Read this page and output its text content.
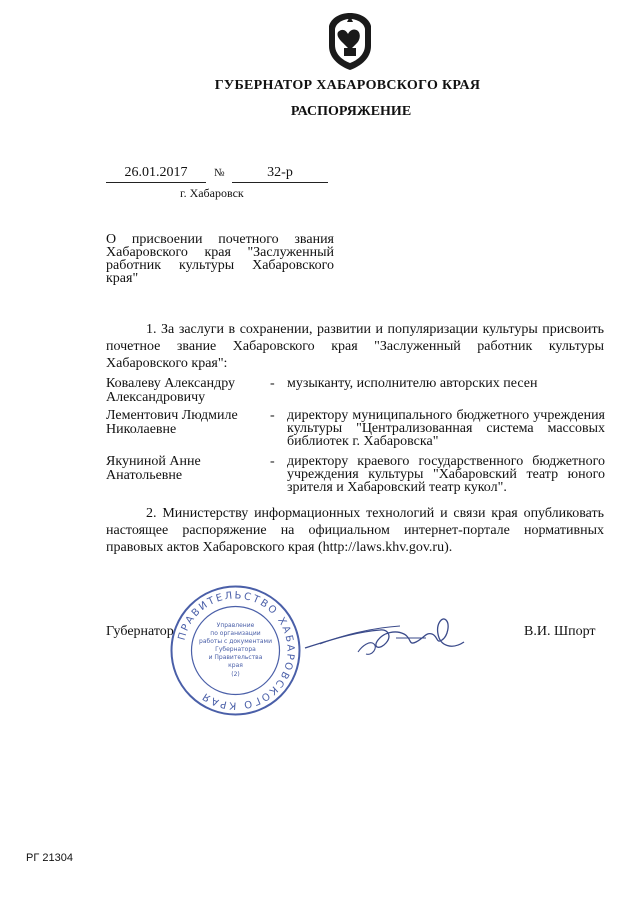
ГУБЕРНАТОР ХАБАРОВСКОГО КРАЯ
РАСПОРЯЖЕНИЕ
26.01.2017	№	32-р
г. Хабаровск
О присвоении почетного звания Хабаровского края "Заслуженный работник культуры Хабаровского края"
1. За заслуги в сохранении, развитии и популяризации культуры присвоить почетное звание Хабаровского края "Заслуженный работник культуры Хабаровского края":
Ковалеву Александру Александровичу
- музыканту, исполнителю авторских песен
Лементович Людмиле Николаевне
- директору муниципального бюджетного учреждения культуры "Централизованная система массовых библиотек г. Хабаровска"
Якуниной Анне Анатольевне
- директору краевого государственного бюджетного учреждения культуры "Хабаровский театр юного зрителя и Хабаровский театр кукол".
2. Министерству информационных технологий и связи края опубликовать настоящее распоряжение на официальном интернет-портале нормативных правовых актов Хабаровского края (http://laws.khv.gov.ru).
Губернатор	В.И. Шпорт
ПРАВИТЕЛЬСТВО ХАБАРОВСКОГО КРАЯ
Управление
по организации
работы с документами
Губернатора
и Правительства
края
(2)
РГ 21304
